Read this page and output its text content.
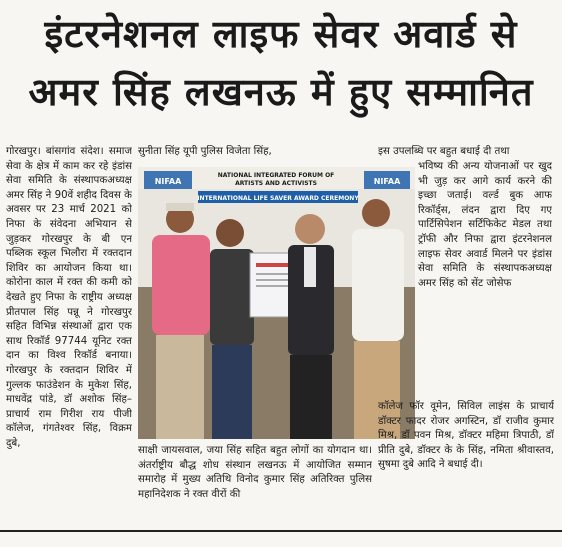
इंटरनेशनल लाइफ सेवर अवार्ड से
अमर सिंह लखनऊ में हुए सम्मानित

गोरखपुर। बांसगांव संदेश। समाज सेवा के क्षेत्र में काम कर रहे इंडांस सेवा समिति के संस्थापकअध्यक्ष अमर सिंह ने 90वें शहीद दिवस के अवसर पर 23 मार्च 2021 को निफा के संवेदना अभियान से जुड़कर गोरखपुर के बी एन पब्लिक स्कूल भिलौरा में रक्तदान शिविर का आयोजन किया था। कोरोना काल में रक्त की कमी को देखते हुए निफा के राष्ट्रीय अध्यक्ष प्रीतपाल सिंह पन्नू ने गोरखपुर सहित विभिन्न संस्थाओं द्वारा एक साथ रिकॉर्ड 97744 यूनिट रक्त दान का विश्व रिकॉर्ड बनाया। गोरखपुर के रक्तदान शिविर में गुल्लक फाउंडेशन के मुकेश सिंह, माधवेंद्र पांडे, डॉ अशोक सिंह–प्राचार्य राम गिरीश राय पीजी कॉलेज, गंगतेश्वर सिंह, विक्रम दुबे,

सुनीता सिंह यूपी पुलिस विजेता सिंह,	इस उपलब्धि पर बहुत बधाई दी तथा

भविष्य की अन्य योजनाओं पर खुद भी जुड़ कर आगे कार्य करने की इच्छा जताई। वर्ल्ड बुक आफ रिकॉर्ड्स, लंदन द्वारा दिए गए पार्टिसिपेशन सर्टिफिकेट मेडल तथा ट्रॉफी और निफा द्वारा इंटरनेशनल लाइफ सेवर अवार्ड मिलने पर इंडांस सेवा समिति के संस्थापकअध्यक्ष अमर सिंह को सेंट जोसेफ

NIFAA	NIFAA
NATIONAL INTEGRATED FORUM OF
ARTISTS AND ACTIVISTS
INTERNATIONAL LIFE SAVER AWARD CEREMONY

साक्षी जायसवाल, जया सिंह सहित बहुत लोगों का योगदान था। अंतर्राष्ट्रीय बौद्ध शोध संस्थान लखनऊ में आयोजित सम्मान समारोह में मुख्य अतिथि विनोद कुमार सिंह अतिरिक्त पुलिस महानिदेशक ने रक्त वीरों की

कॉलेज फॉर वूमेन, सिविल लाइंस के प्राचार्य डॉक्टर फादर रोजर अगस्टिन, डॉ राजीव कुमार मिश्र, डॉ पवन मिश्र, डॉक्टर महिमा त्रिपाठी, डॉ प्रीति दुबे, डॉक्टर के के सिंह, नमिता श्रीवास्तव, सुषमा दुबे आदि ने बधाई दी।
